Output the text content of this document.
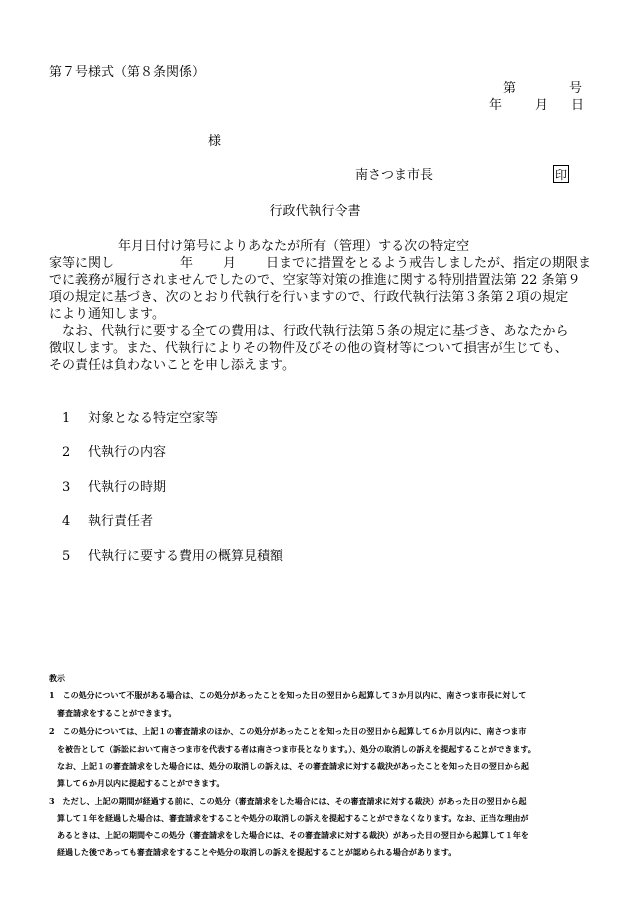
第７号様式（第８条関係）
第	号
年	月 日
様
南さつま市長	印
行政代執行令書
年月日付け第号によりあなたが所有（管理）する次の特定空
家等に関し	年 月 日までに措置をとるよう戒告しましたが、指定の期限ま
でに義務が履行されませんでしたので、空家等対策の推進に関する特別措置法第 22 条第９
項の規定に基づき、次のとおり代執行を行いますので、行政代執行法第３条第２項の規定
により通知します。
　なお、代執行に要する全ての費用は、行政代執行法第５条の規定に基づき、あなたから
徴収します。また、代執行によりその物件及びその他の資材等について損害が生じても、
その責任は負わないことを申し添えます。
1 対象となる特定空家等
2 代執行の内容
3 代執行の時期
4 執行責任者
5 代執行に要する費用の概算見積額
教示
1　この処分について不服がある場合は、この処分があったことを知った日の翌日から起算して３か月以内に、南さつま市長に対して
　審査請求をすることができます。
2　この処分については、上記１の審査請求のほか、この処分があったことを知った日の翌日から起算して６か月以内に、南さつま市
　を被告として（訴訟において南さつま市を代表する者は南さつま市長となります。）、処分の取消しの訴えを提起することができます。
　なお、上記１の審査請求をした場合には、処分の取消しの訴えは、その審査請求に対する裁決があったことを知った日の翌日から起
　算して６か月以内に提起することができます。
3　ただし、上記の期間が経過する前に、この処分（審査請求をした場合には、その審査請求に対する裁決）があった日の翌日から起
　算して１年を経過した場合は、審査請求をすることや処分の取消しの訴えを提起することができなくなります。なお、正当な理由が
　あるときは、上記の期間やこの処分（審査請求をした場合には、その審査請求に対する裁決）があった日の翌日から起算して１年を
　経過した後であっても審査請求をすることや処分の取消しの訴えを提起することが認められる場合があります。
